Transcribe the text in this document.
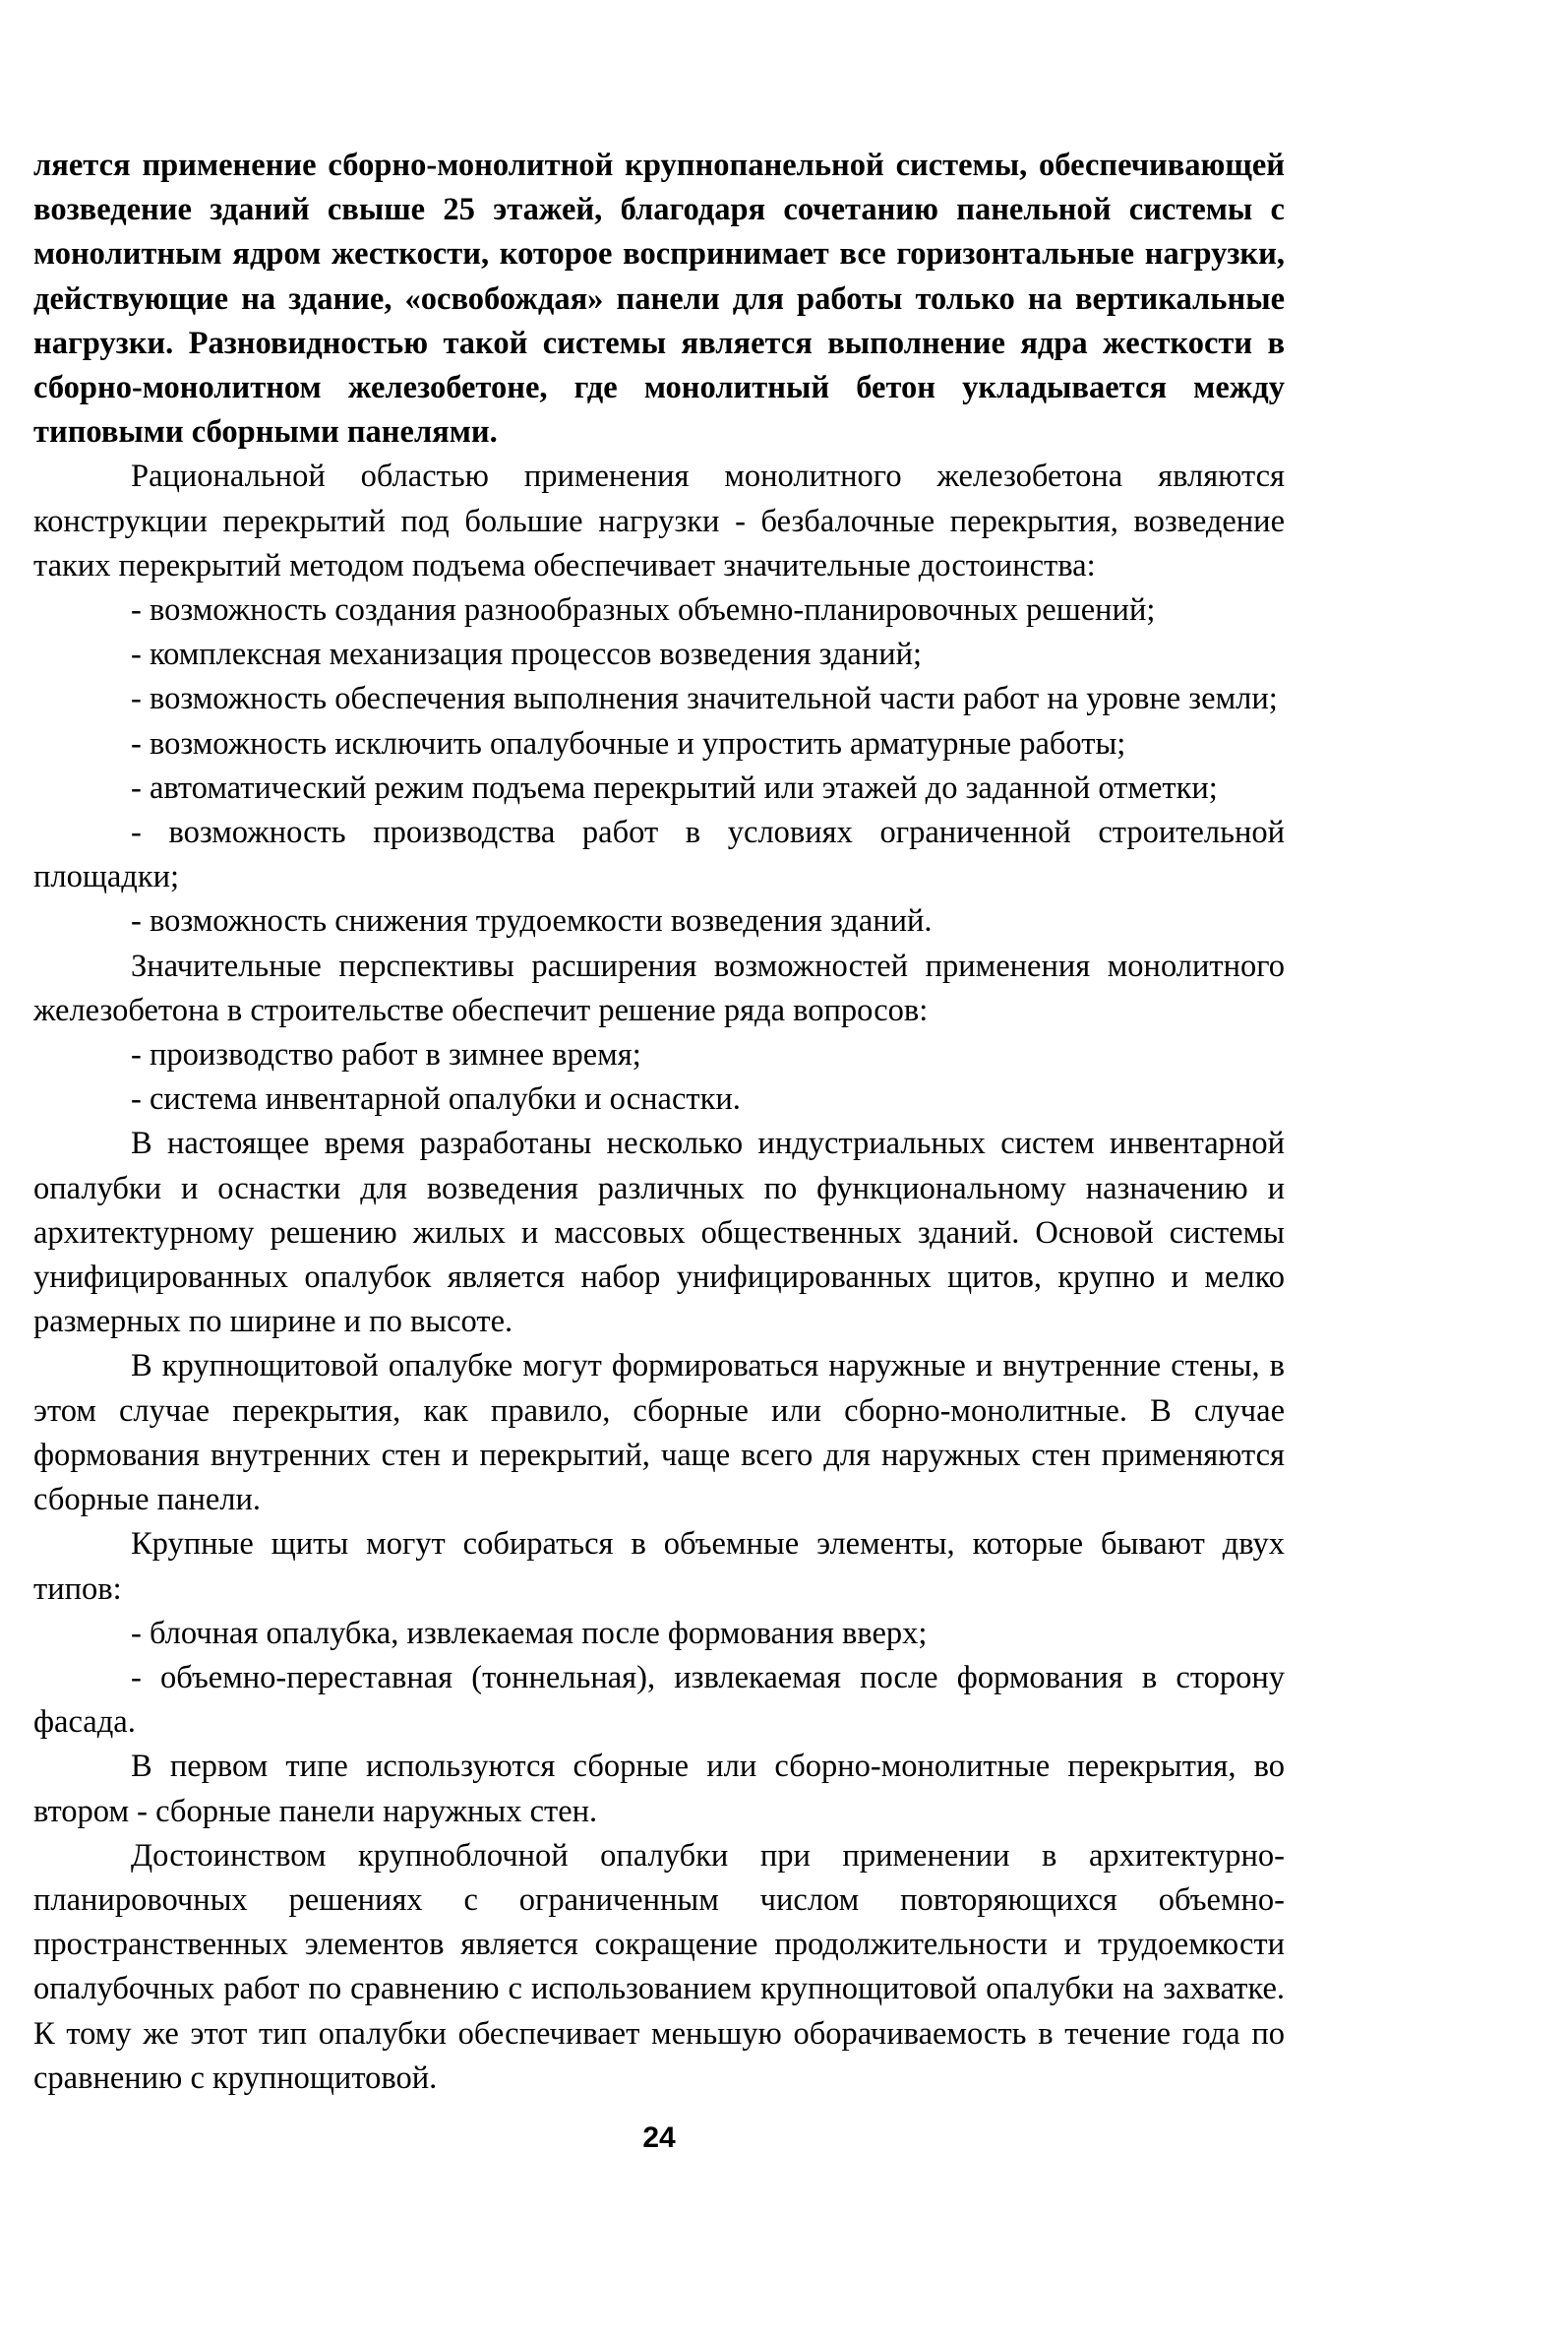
ляется применение сборно-монолитной крупнопанельной системы, обеспечивающей возведение зданий свыше 25 этажей, благодаря сочетанию панельной системы с монолитным ядром жесткости, которое воспринимает все горизонтальные нагрузки, действующие на здание, «освобождая» панели для работы только на вертикальные нагрузки. Разновидностью такой системы является выполнение ядра жесткости в сборно-монолитном железобетоне, где монолитный бетон укладывается между типовыми сборными панелями.

Рациональной областью применения монолитного железобетона являются конструкции перекрытий под большие нагрузки - безбалочные перекрытия, возведение таких перекрытий методом подъема обеспечивает значительные достоинства:

- возможность создания разнообразных объемно-планировочных решений;

- комплексная механизация процессов возведения зданий;

- возможность обеспечения выполнения значительной части работ на уровне земли;

- возможность исключить опалубочные и упростить арматурные работы;

- автоматический режим подъема перекрытий или этажей до заданной отметки;

- возможность производства работ в условиях ограниченной строительной площадки;

- возможность снижения трудоемкости возведения зданий.

Значительные перспективы расширения возможностей применения монолитного железобетона в строительстве обеспечит решение ряда вопросов:

- производство работ в зимнее время;

- система инвентарной опалубки и оснастки.

В настоящее время разработаны несколько индустриальных систем инвентарной опалубки и оснастки для возведения различных по функциональному назначению и архитектурному решению жилых и массовых общественных зданий. Основой системы унифицированных опалубок является набор унифицированных щитов, крупно и мелко размерных по ширине и по высоте.

В крупнощитовой опалубке могут формироваться наружные и внутренние стены, в этом случае перекрытия, как правило, сборные или сборно-монолитные. В случае формования внутренних стен и перекрытий, чаще всего для наружных стен применяются сборные панели.

Крупные щиты могут собираться в объемные элементы, которые бывают двух типов:

- блочная опалубка, извлекаемая после формования вверх;

- объемно-переставная (тоннельная), извлекаемая после формования в сторону фасада.

В первом типе используются сборные или сборно-монолитные перекрытия, во втором - сборные панели наружных стен.

Достоинством крупноблочной опалубки при применении в архитектурно-планировочных решениях с ограниченным числом повторяющихся объемно-пространственных элементов является сокращение продолжительности и трудоемкости опалубочных работ по сравнению с использованием крупнощитовой опалубки на захватке. К тому же этот тип опалубки обеспечивает меньшую оборачиваемость в течение года по сравнению с крупнощитовой.

24
